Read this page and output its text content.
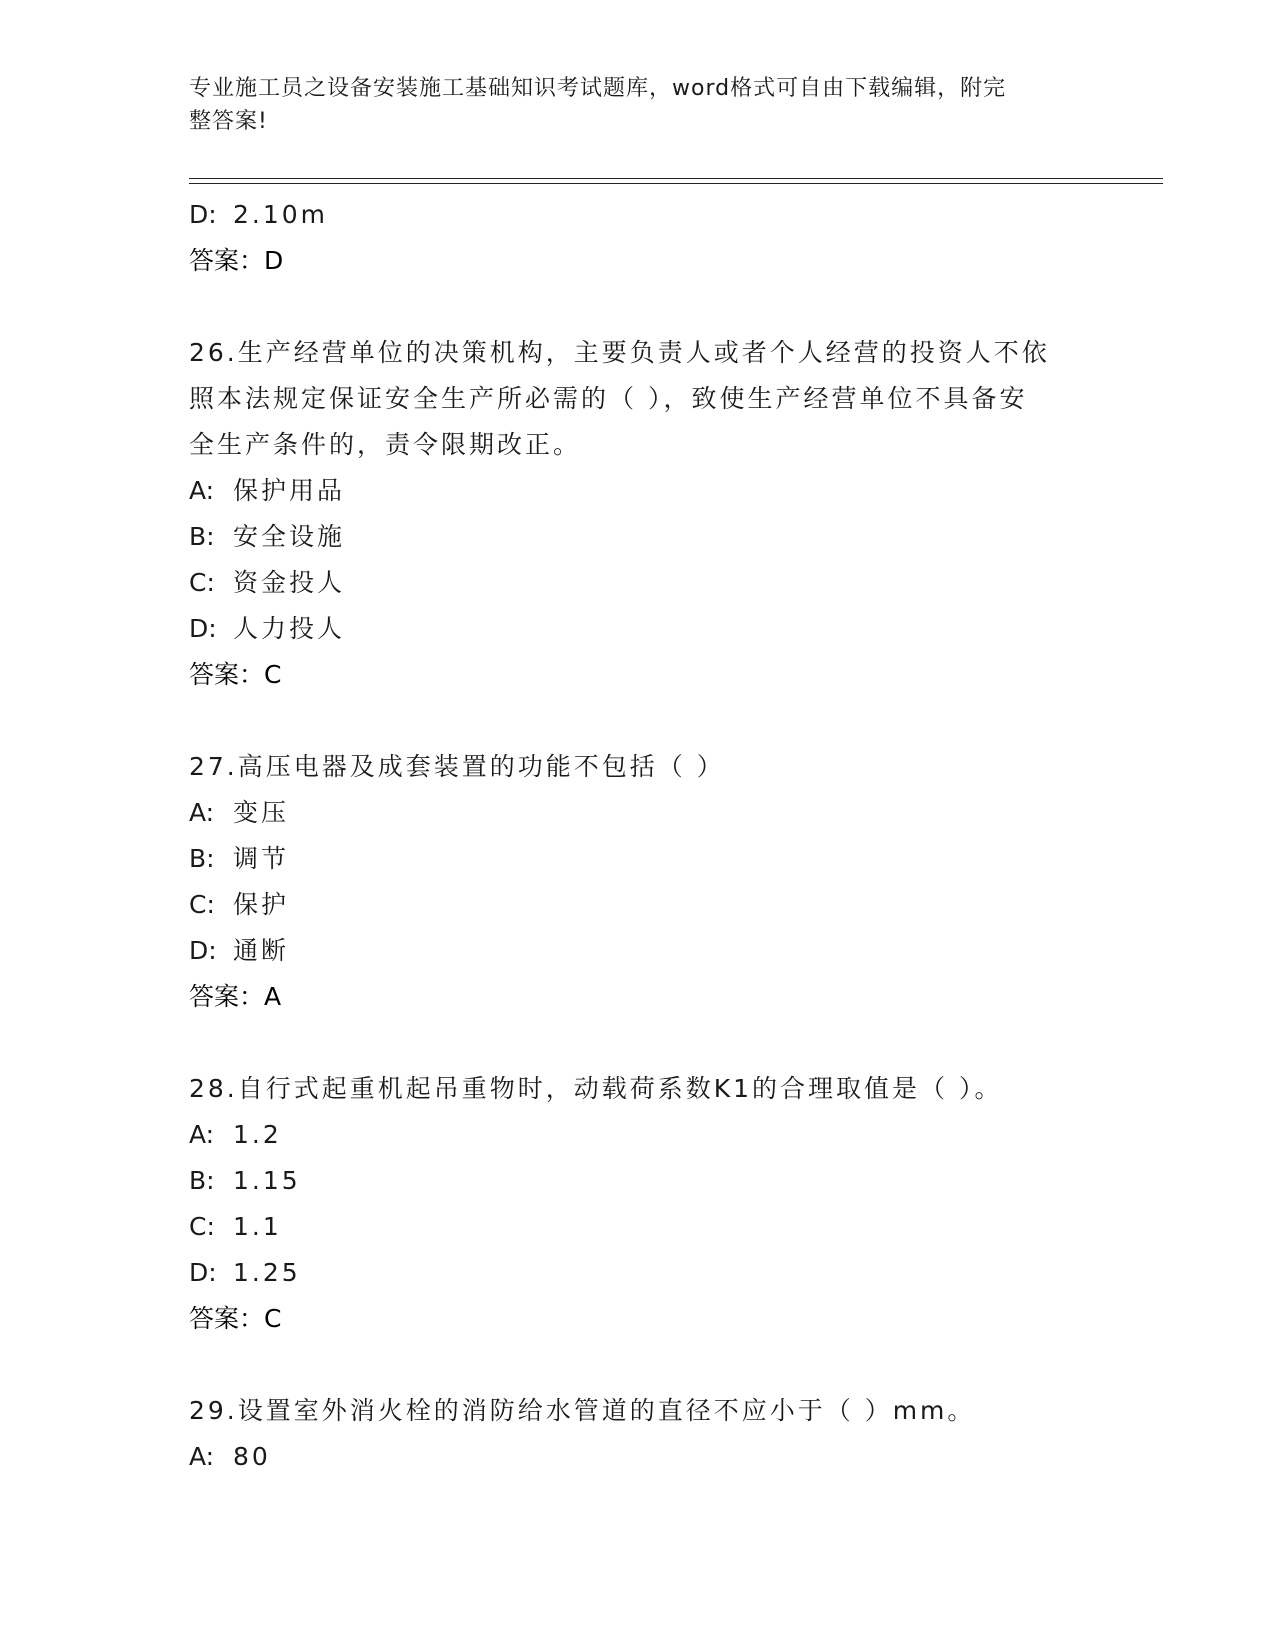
专业施工员之设备安装施工基础知识考试题库，word格式可自由下载编辑，附完
整答案!
D: 2.10m
答案：D
26.生产经营单位的决策机构，主要负责人或者个人经营的投资人不依
照本法规定保证安全生产所必需的（ ），致使生产经营单位不具备安
全生产条件的，责令限期改正。
A: 保护用品
B: 安全设施
C: 资金投人
D: 人力投人
答案：C
27.高压电器及成套装置的功能不包括（ ）
A: 变压
B: 调节
C: 保护
D: 通断
答案：A
28.自行式起重机起吊重物时，动载荷系数K1的合理取值是（ ）。
A: 1.2
B: 1.15
C: 1.1
D: 1.25
答案：C
29.设置室外消火栓的消防给水管道的直径不应小于（ ）mm。
A: 80
